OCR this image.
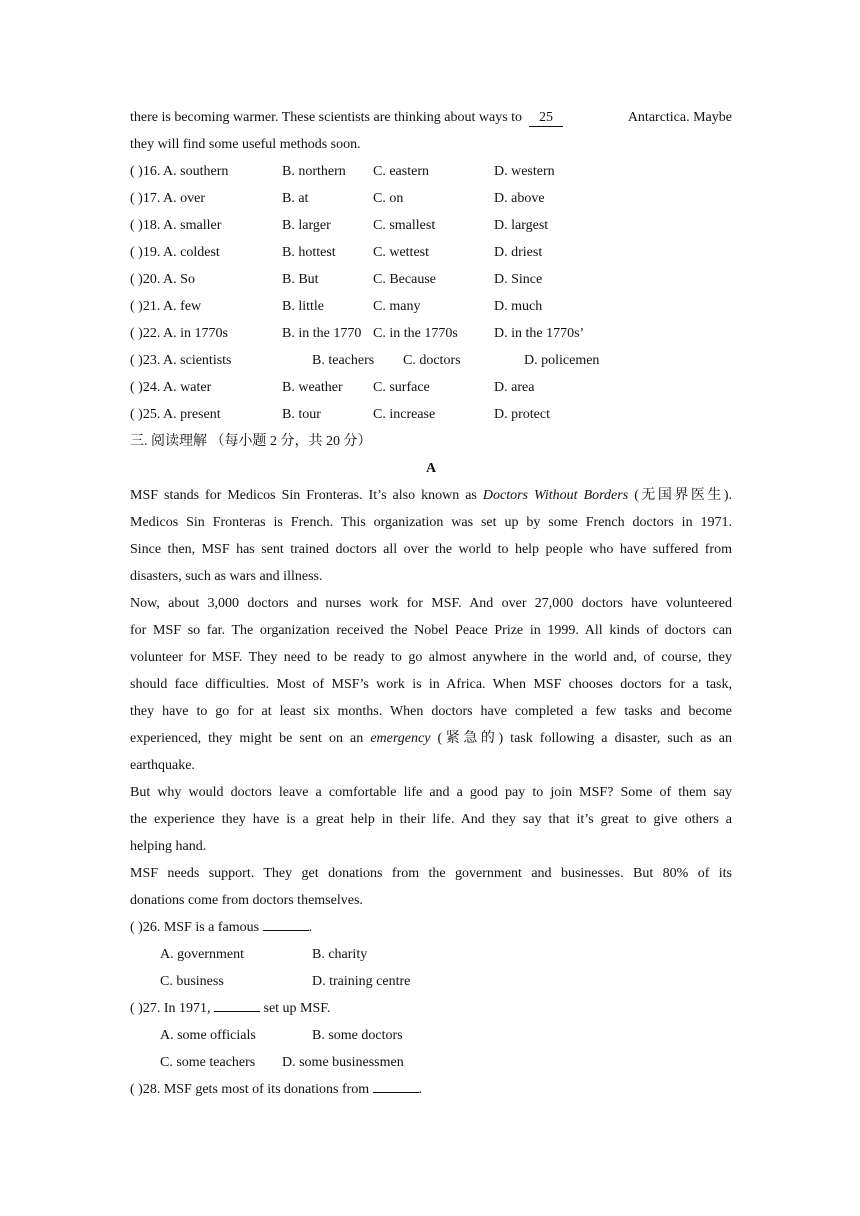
there is becoming warmer. These scientists are thinking about ways to 25	Antarctica. Maybe
they will find some useful methods soon.
( )16. A. southern	B. northern C. eastern	D. western
( )17. A. over	B. at	C. on	D. above
( )18. A. smaller	B. larger	C. smallest	D. largest
( )19. A. coldest	B. hottest	C. wettest	D. driest
( )20. A. So	B. But	C. Because	D. Since
( )21. A. few	B. little	C. many	D. much
( )22. A. in 1770s	B. in the 1770 C. in the 1770s	D. in the 1770s’
( )23. A. scientists	B. teachers C. doctors	D. policemen
( )24. A. water	B. weather C. surface	D. area
( )25. A. present	B. tour	C. increase	D. protect
三. 阅读理解 （每小题 2 分，共 20 分）
A
MSF stands for Medicos Sin Fronteras. It’s also known as Doctors Without Borders (无国界医生).
Medicos Sin Fronteras is French. This organization was set up by some French doctors in 1971.
Since then, MSF has sent trained doctors all over the world to help people who have suffered from
disasters, such as wars and illness.
Now, about 3,000 doctors and nurses work for MSF. And over 27,000 doctors have volunteered
for MSF so far. The organization received the Nobel Peace Prize in 1999. All kinds of doctors can
volunteer for MSF. They need to be ready to go almost anywhere in the world and, of course, they
should face difficulties. Most of MSF’s work is in Africa. When MSF chooses doctors for a task,
they have to go for at least six months. When doctors have completed a few tasks and become
experienced, they might be sent on an emergency (紧急的) task following a disaster, such as an
earthquake.
But why would doctors leave a comfortable life and a good pay to join MSF? Some of them say
the experience they have is a great help in their life. And they say that it’s great to give others a
helping hand.
MSF needs support. They get donations from the government and businesses. But 80% of its
donations come from doctors themselves.
( )26. MSF is a famous	.
A. government	B. charity
C. business	D. training centre
( )27. In 1971,	set up MSF.
A. some officials	B. some doctors
C. some teachers D. some businessmen
( )28. MSF gets most of its donations from	.
